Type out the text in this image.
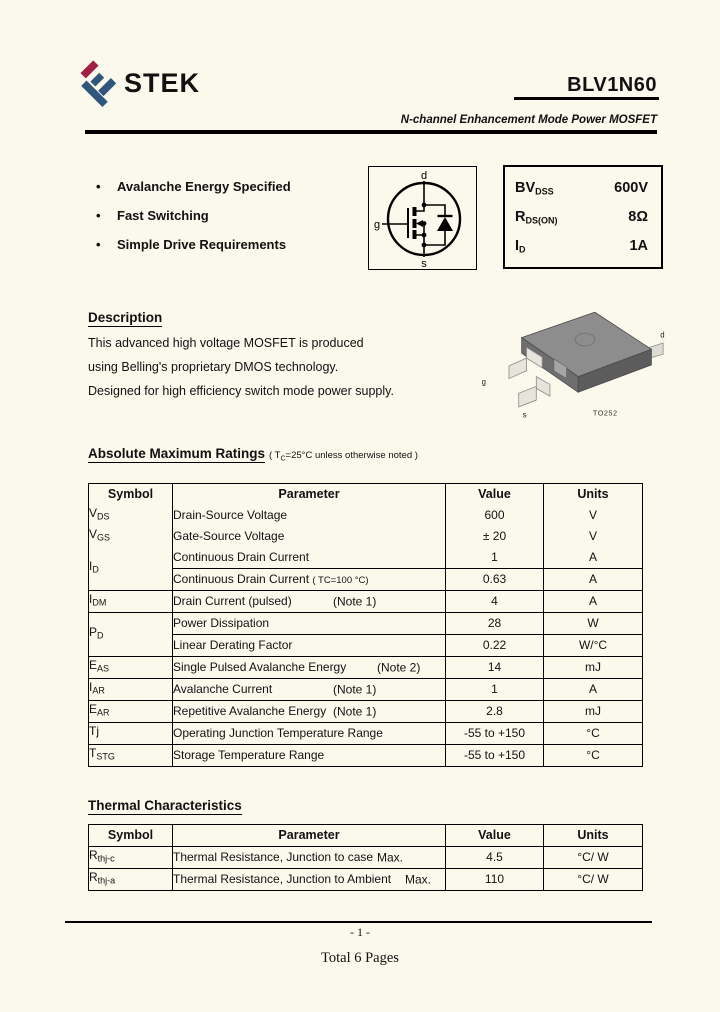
STEK	BLV1N60
N-channel Enhancement Mode Power MOSFET
•	Avalanche Energy Specified
•	Fast Switching
•	Simple Drive Requirements
d
g
s
$BV_{DSS}$	600V
$R_{DS(ON)}$	8Ω
$I_D$	1A
Description
This advanced high voltage MOSFET is produced
using Belling's proprietary DMOS technology.
Designed for high efficiency switch mode power supply.
d
g
s	TO252
Absolute Maximum Ratings ( $T_C=25^\circ C$ unless otherwise noted )
Symbol	Parameter	Value	Units
$V_{DS}$	Drain-Source Voltage	600	V
$V_{GS}$	Gate-Source Voltage	± 20	V
$I_D$	Continuous Drain Current	1	A
	Continuous Drain Current ( TC=100 °C)	0.63	A
$I_{DM}$	Drain Current (pulsed) (Note 1)	4	A
$P_D$	Power Dissipation	28	W
	Linear Derating Factor	0.22	W/°C
$E_{AS}$	Single Pulsed Avalanche Energy (Note 2)	14	mJ
$I_{AR}$	Avalanche Current (Note 1)	1	A
$E_{AR}$	Repetitive Avalanche Energy (Note 1)	2.8	mJ
Tj	Operating Junction Temperature Range	-55 to +150	°C
$T_{STG}$	Storage Temperature Range	-55 to +150	°C
Thermal Characteristics
Symbol	Parameter	Value	Units
$R_{thj-c}$	Thermal Resistance, Junction to case Max.	4.5	°C/ W
$R_{thj-a}$	Thermal Resistance, Junction to Ambient Max.	110	°C/ W
- 1 -
Total 6 Pages
